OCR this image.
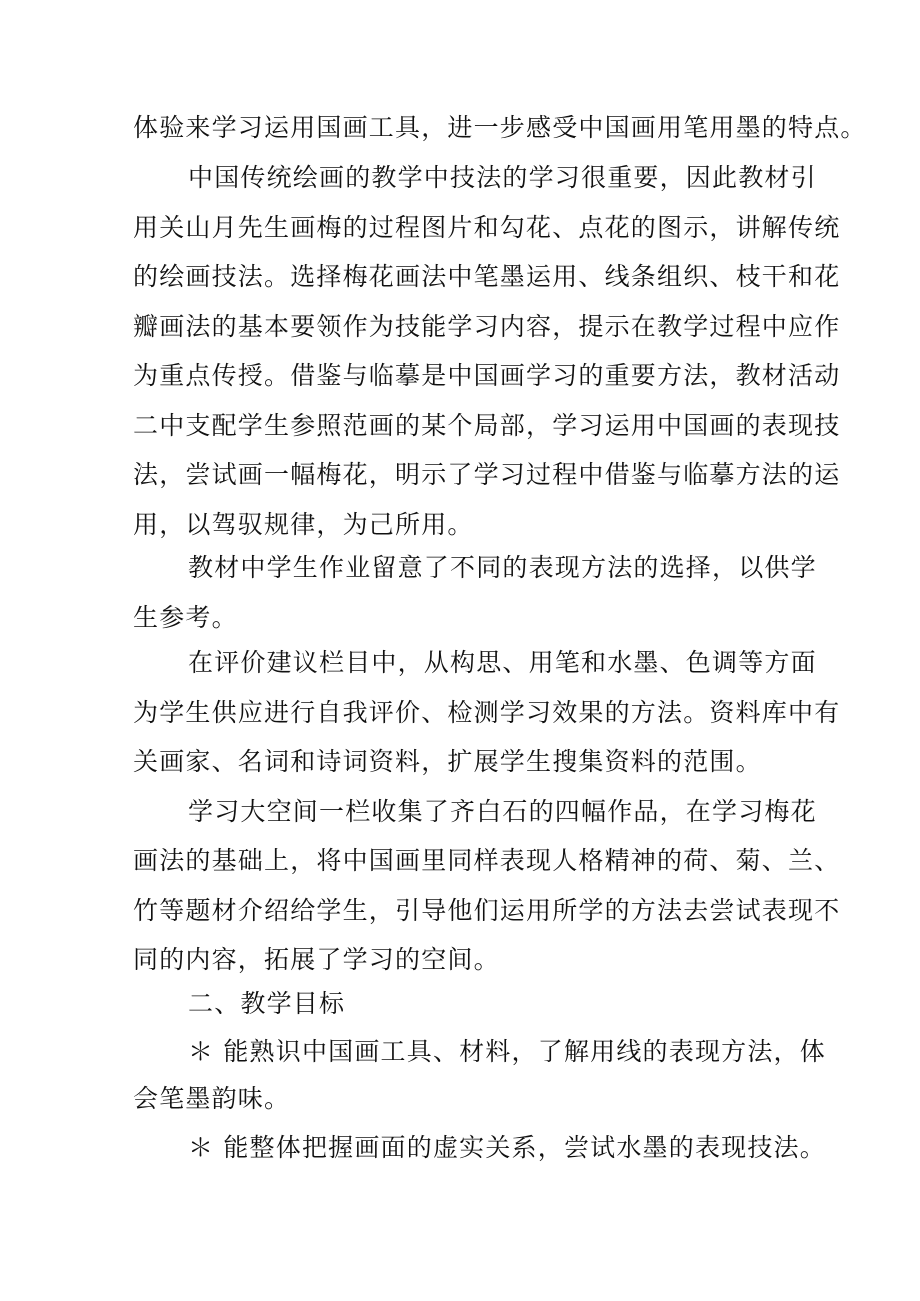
体验来学习运用国画工具，进一步感受中国画用笔用墨的特点。
中国传统绘画的教学中技法的学习很重要，因此教材引
用关山月先生画梅的过程图片和勾花、点花的图示，讲解传统
的绘画技法。选择梅花画法中笔墨运用、线条组织、枝干和花
瓣画法的基本要领作为技能学习内容，提示在教学过程中应作
为重点传授。借鉴与临摹是中国画学习的重要方法，教材活动
二中支配学生参照范画的某个局部，学习运用中国画的表现技
法，尝试画一幅梅花，明示了学习过程中借鉴与临摹方法的运
用，以驾驭规律，为己所用。
教材中学生作业留意了不同的表现方法的选择，以供学
生参考。
在评价建议栏目中，从构思、用笔和水墨、色调等方面
为学生供应进行自我评价、检测学习效果的方法。资料库中有
关画家、名词和诗词资料，扩展学生搜集资料的范围。
学习大空间一栏收集了齐白石的四幅作品，在学习梅花
画法的基础上，将中国画里同样表现人格精神的荷、菊、兰、
竹等题材介绍给学生，引导他们运用所学的方法去尝试表现不
同的内容，拓展了学习的空间。
二、教学目标
＊ 能熟识中国画工具、材料，了解用线的表现方法，体
会笔墨韵味。
＊ 能整体把握画面的虚实关系，尝试水墨的表现技法。
